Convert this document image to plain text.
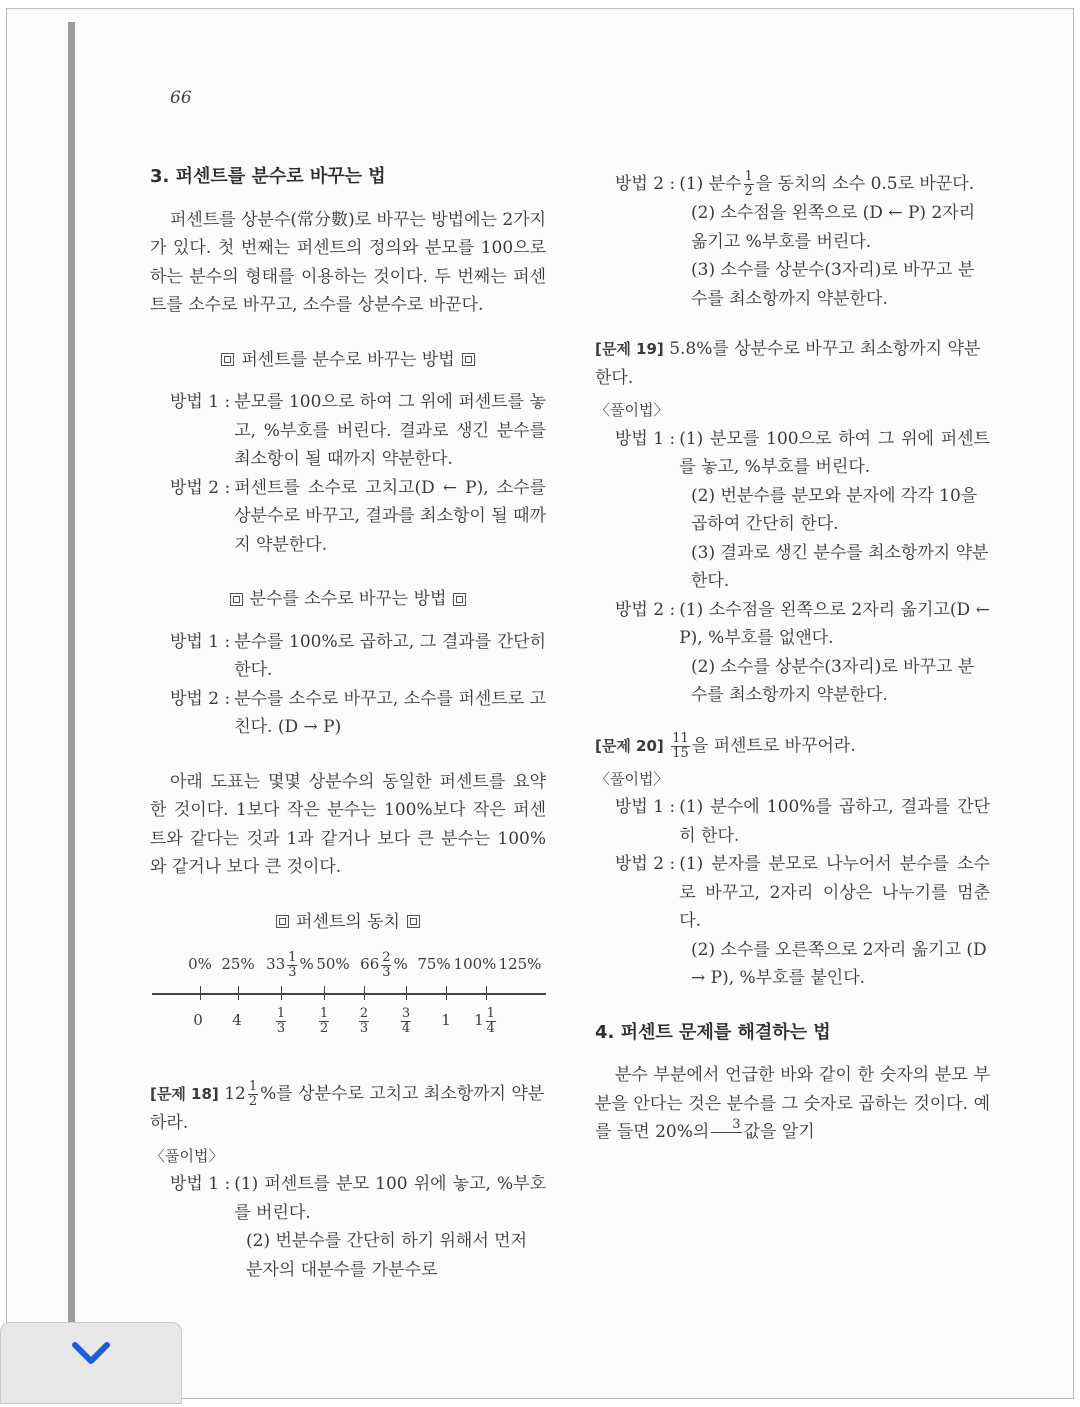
66
3. 퍼센트를 분수로 바꾸는 법

퍼센트를 상분수(常分數)로 바꾸는 방법에는 2가지가 있다. 첫 번째는 퍼센트의 정의와 분모를 100으로 하는 분수의 형태를 이용하는 것이다. 두 번째는 퍼센트를 소수로 바꾸고, 소수를 상분수로 바꾼다.

퍼센트를 분수로 바꾸는 방법
방법 1 : 분모를 100으로 하여 그 위에 퍼센트를 놓고, %부호를 버린다. 결과로 생긴 분수를 최소항이 될 때까지 약분한다.
방법 2 : 퍼센트를 소수로 고치고(D ← P), 소수를 상분수로 바꾸고, 결과를 최소항이 될 때까지 약분한다.
분수를 소수로 바꾸는 방법
방법 1 : 분수를 100%로 곱하고, 그 결과를 간단히 한다.
방법 2 : 분수를 소수로 바꾸고, 소수를 퍼센트로 고친다. (D → P)

아래 도표는 몇몇 상분수의 동일한 퍼센트를 요약한 것이다. 1보다 작은 분수는 100%보다 작은 퍼센트와 같다는 것과 1과 같거나 보다 큰 분수는 100%와 같거나 보다 큰 것이다.

퍼센트의 동치
0% 25% $33 \frac{1}{3}$ % 50% $66 \frac{2}{3}$ % 75% 100% 125%
0 4	$\frac{1}{3}$	$\frac{1}{2} \frac{2}{3} \frac{3}{4} 1$ $1 \frac{1}{4}$
[문제 18] $12 \frac{1}{2}$ %를 상분수로 고치고 최소항까지 약분하라.
〈풀이법〉
방법 1 : (1) 퍼센트를 분모 100 위에 놓고, %부호를 버린다.
(2) 번분수를 간단히 하기 위해서 먼저 분자의 대분수를 가분수로
방법 2 : (1) 분수 $\frac{1}{2}$ 을 동치의 소수 0.5로 바꾼다.
(2) 소수점을 왼쪽으로 (D ← P) 2자리 옮기고 %부호를 버린다.
(3) 소수를 상분수(3자리)로 바꾸고 분수를 최소항까지 약분한다.
[문제 19] 5.8%를 상분수로 바꾸고 최소항까지 약분한다.
〈풀이법〉
방법 1 : (1) 분모를 100으로 하여 그 위에 퍼센트를 놓고, %부호를 버린다.
(2) 번분수를 분모와 분자에 각각 10을 곱하여 간단히 한다.
(3) 결과로 생긴 분수를 최소항까지 약분한다.
방법 2 : (1) 소수점을 왼쪽으로 2자리 옮기고(D ← P), %부호를 없앤다.
(2) 소수를 상분수(3자리)로 바꾸고 분수를 최소항까지 약분한다.
[문제 $20] \frac{11}{15}$ 을 퍼센트로 바꾸어라.
〈풀이법〉
방법 1 : (1) 분수에 100%를 곱하고, 결과를 간단히 한다.
방법 2 : (1) 분자를 분모로 나누어서 분수를 소수로 바꾸고, 2자리 이상은 나누기를 멈춘다.
(2) 소수를 오른쪽으로 2자리 옮기고 (D → P), %부호를 붙인다.
4. 퍼센트 문제를 해결하는 법

분수 부분에서 언급한 바와 같이 한 숫자의 분모 부분을 안다는 것은 분수를 그 숫자로 곱하는 것이다. 예를 들면 20%의	3
값을 알기
